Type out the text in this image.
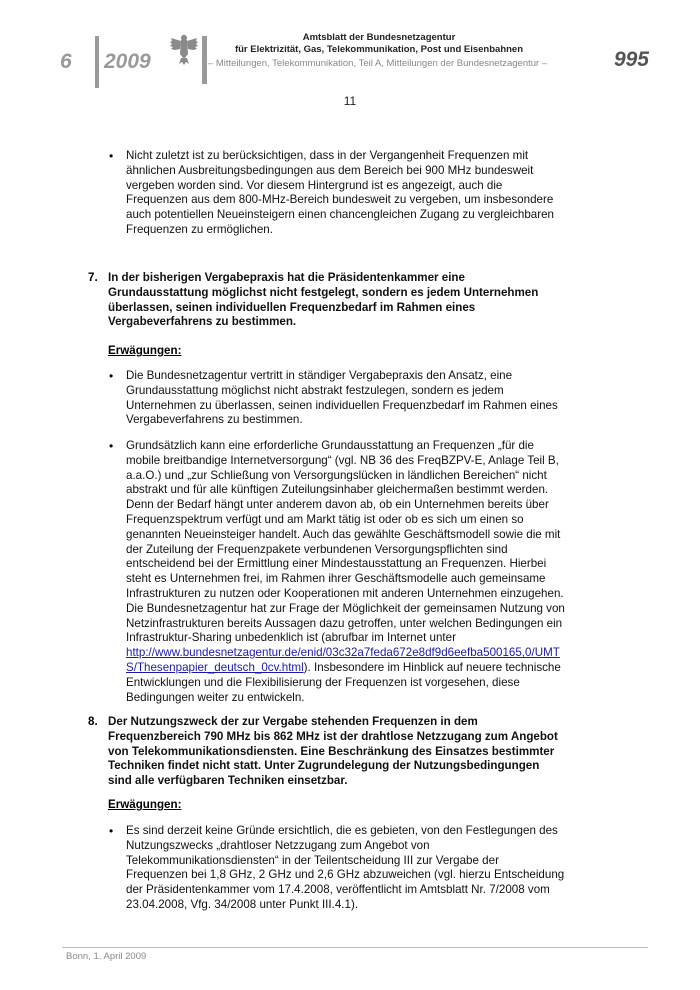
6 2009
Amtsblatt der Bundesnetzagentur
für Elektrizität, Gas, Telekommunikation, Post und Eisenbahnen
– Mitteilungen, Telekommunikation, Teil A, Mitteilungen der Bundesnetzagentur –	995
11
• Nicht zuletzt ist zu berücksichtigen, dass in der Vergangenheit Frequenzen mit
ähnlichen Ausbreitungsbedingungen aus dem Bereich bei 900 MHz bundesweit
vergeben worden sind. Vor diesem Hintergrund ist es angezeigt, auch die
Frequenzen aus dem 800-MHz-Bereich bundesweit zu vergeben, um insbesondere
auch potentiellen Neueinsteigern einen chancengleichen Zugang zu vergleichbaren
Frequenzen zu ermöglichen.
7. In der bisherigen Vergabepraxis hat die Präsidentenkammer eine
Grundausstattung möglichst nicht festgelegt, sondern es jedem Unternehmen
überlassen, seinen individuellen Frequenzbedarf im Rahmen eines
Vergabeverfahrens zu bestimmen.
Erwägungen:
• Die Bundesnetzagentur vertritt in ständiger Vergabepraxis den Ansatz, eine
Grundausstattung möglichst nicht abstrakt festzulegen, sondern es jedem
Unternehmen zu überlassen, seinen individuellen Frequenzbedarf im Rahmen eines
Vergabeverfahrens zu bestimmen.
• Grundsätzlich kann eine erforderliche Grundausstattung an Frequenzen „für die
mobile breitbandige Internetversorgung“ (vgl. NB 36 des FreqBZPV-E, Anlage Teil B,
a.a.O.) und „zur Schließung von Versorgungslücken in ländlichen Bereichen“ nicht
abstrakt und für alle künftigen Zuteilungsinhaber gleichermaßen bestimmt werden.
Denn der Bedarf hängt unter anderem davon ab, ob ein Unternehmen bereits über
Frequenzspektrum verfügt und am Markt tätig ist oder ob es sich um einen so
genannten Neueinsteiger handelt. Auch das gewählte Geschäftsmodell sowie die mit
der Zuteilung der Frequenzpakete verbundenen Versorgungspflichten sind
entscheidend bei der Ermittlung einer Mindestausstattung an Frequenzen. Hierbei
steht es Unternehmen frei, im Rahmen ihrer Geschäftsmodelle auch gemeinsame
Infrastrukturen zu nutzen oder Kooperationen mit anderen Unternehmen einzugehen.
Die Bundesnetzagentur hat zur Frage der Möglichkeit der gemeinsamen Nutzung von
Netzinfrastrukturen bereits Aussagen dazu getroffen, unter welchen Bedingungen ein
Infrastruktur-Sharing unbedenklich ist (abrufbar im Internet unter
http://www.bundesnetzagentur.de/enid/03c32a7feda672e8df9d6eefba500165,0/UMT
S/Thesenpapier_deutsch_0cv.html). Insbesondere im Hinblick auf neuere technische
Entwicklungen und die Flexibilisierung der Frequenzen ist vorgesehen, diese
Bedingungen weiter zu entwickeln.
8. Der Nutzungszweck der zur Vergabe stehenden Frequenzen in dem
Frequenzbereich 790 MHz bis 862 MHz ist der drahtlose Netzzugang zum Angebot
von Telekommunikationsdiensten. Eine Beschränkung des Einsatzes bestimmter
Techniken findet nicht statt. Unter Zugrundelegung der Nutzungsbedingungen
sind alle verfügbaren Techniken einsetzbar.
Erwägungen:
• Es sind derzeit keine Gründe ersichtlich, die es gebieten, von den Festlegungen des
Nutzungszwecks „drahtloser Netzzugang zum Angebot von
Telekommunikationsdiensten“ in der Teilentscheidung III zur Vergabe der
Frequenzen bei 1,8 GHz, 2 GHz und 2,6 GHz abzuweichen (vgl. hierzu Entscheidung
der Präsidentenkammer vom 17.4.2008, veröffentlicht im Amtsblatt Nr. 7/2008 vom
23.04.2008, Vfg. 34/2008 unter Punkt III.4.1).
Bonn, 1. April 2009
